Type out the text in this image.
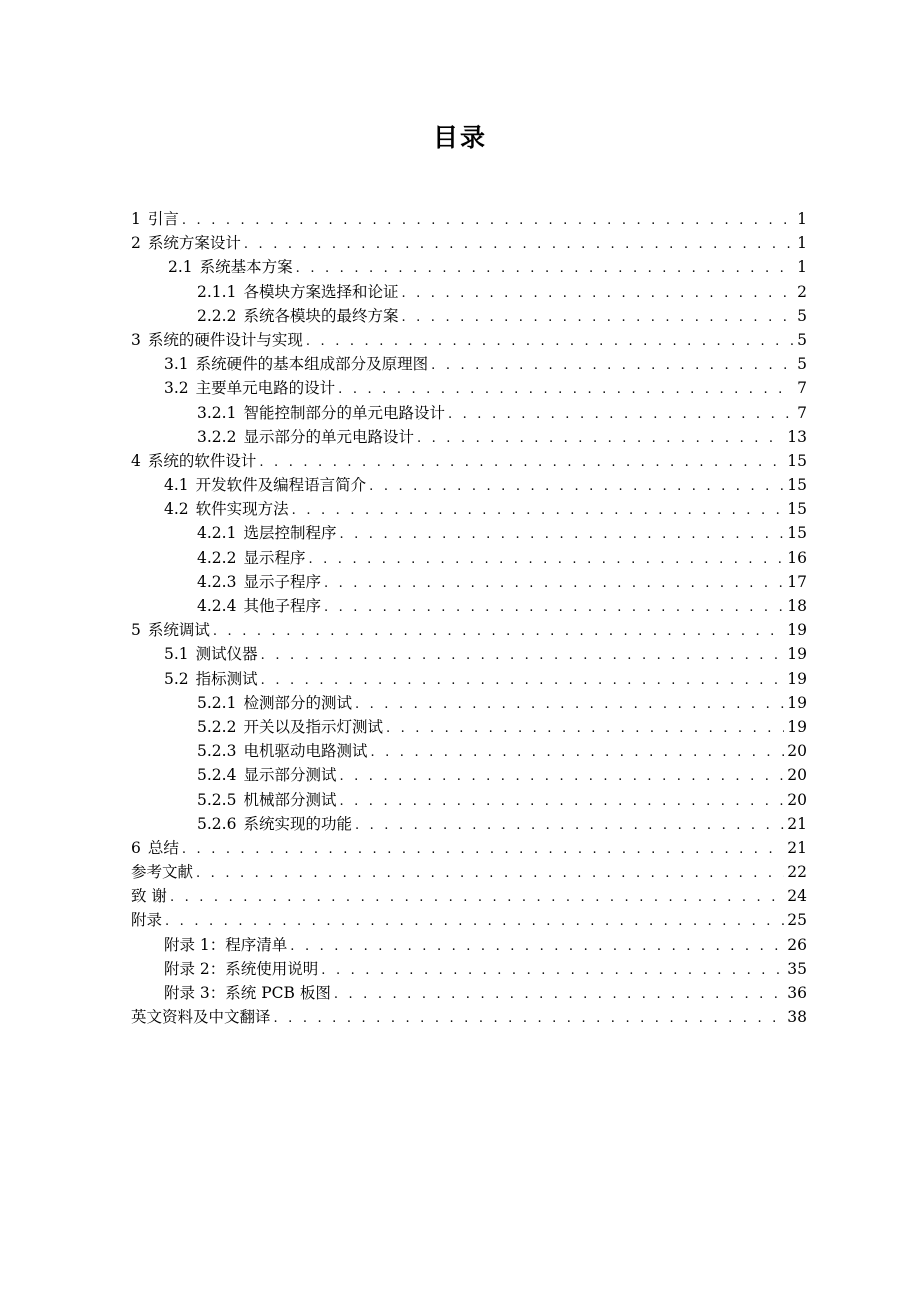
目录
1 引言 . . .	1
2 系统方案设计 . . .	1
2.1 系统基本方案 . . .	1
2.1.1 各模块方案选择和论证 . . .	2
2.2.2 系统各模块的最终方案 . . .	5
3 系统的硬件设计与实现 . . .	5
3.1 系统硬件的基本组成部分及原理图 . . .	5
3.2 主要单元电路的设计 . . .	7
3.2.1 智能控制部分的单元电路设计 . . .	7
3.2.2 显示部分的单元电路设计 . . .	13
4 系统的软件设计 . . .	15
4.1 开发软件及编程语言简介 . . .	15
4.2 软件实现方法 . . .	15
4.2.1 选层控制程序 . . .	15
4.2.2 显示程序 . . .	16
4.2.3 显示子程序 . . .	17
4.2.4 其他子程序 . . .	18
5 系统调试 . . .	19
5.1 测试仪器 . . .	19
5.2 指标测试 . . .	19
5.2.1 检测部分的测试 . . .	19
5.2.2 开关以及指示灯测试 . . .	19
5.2.3 电机驱动电路测试 . . .	20
5.2.4 显示部分测试 . . .	20
5.2.5 机械部分测试 . . .	20
5.2.6 系统实现的功能 . . .	21
6 总结 . . .	21
参考文献 . . .	22
致 谢 . . .	24
附录 . . .	25
附录 1：程序清单 . . .	26
附录 2：系统使用说明 . . .	35
附录 3：系统 PCB 板图 . . .	36
英文资料及中文翻译 . . .	38
